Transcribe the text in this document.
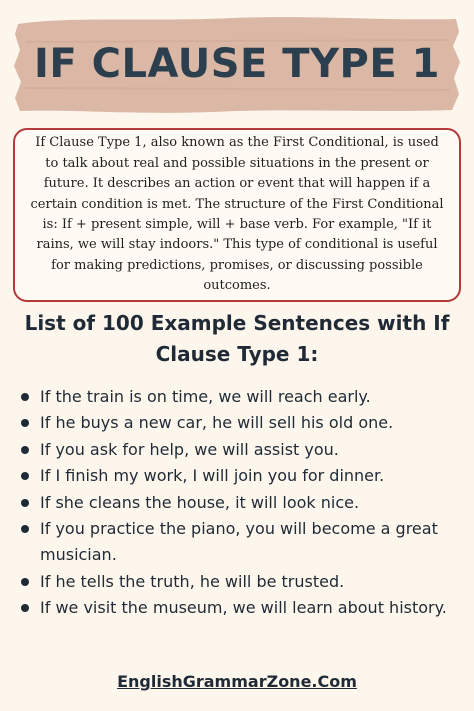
IF CLAUSE TYPE 1

If Clause Type 1, also known as the First Conditional, is used to talk about real and possible situations in the present or future. It describes an action or event that will happen if a certain condition is met. The structure of the First Conditional is: If + present simple, will + base verb. For example, "If it rains, we will stay indoors." This type of conditional is useful for making predictions, promises, or discussing possible outcomes.

List of 100 Example Sentences with If Clause Type 1:
If the train is on time, we will reach early.
If he buys a new car, he will sell his old one.
If you ask for help, we will assist you.
If I finish my work, I will join you for dinner.
If she cleans the house, it will look nice.
If you practice the piano, you will become a great musician.
If he tells the truth, he will be trusted.
If we visit the museum, we will learn about history.
EnglishGrammarZone.Com
